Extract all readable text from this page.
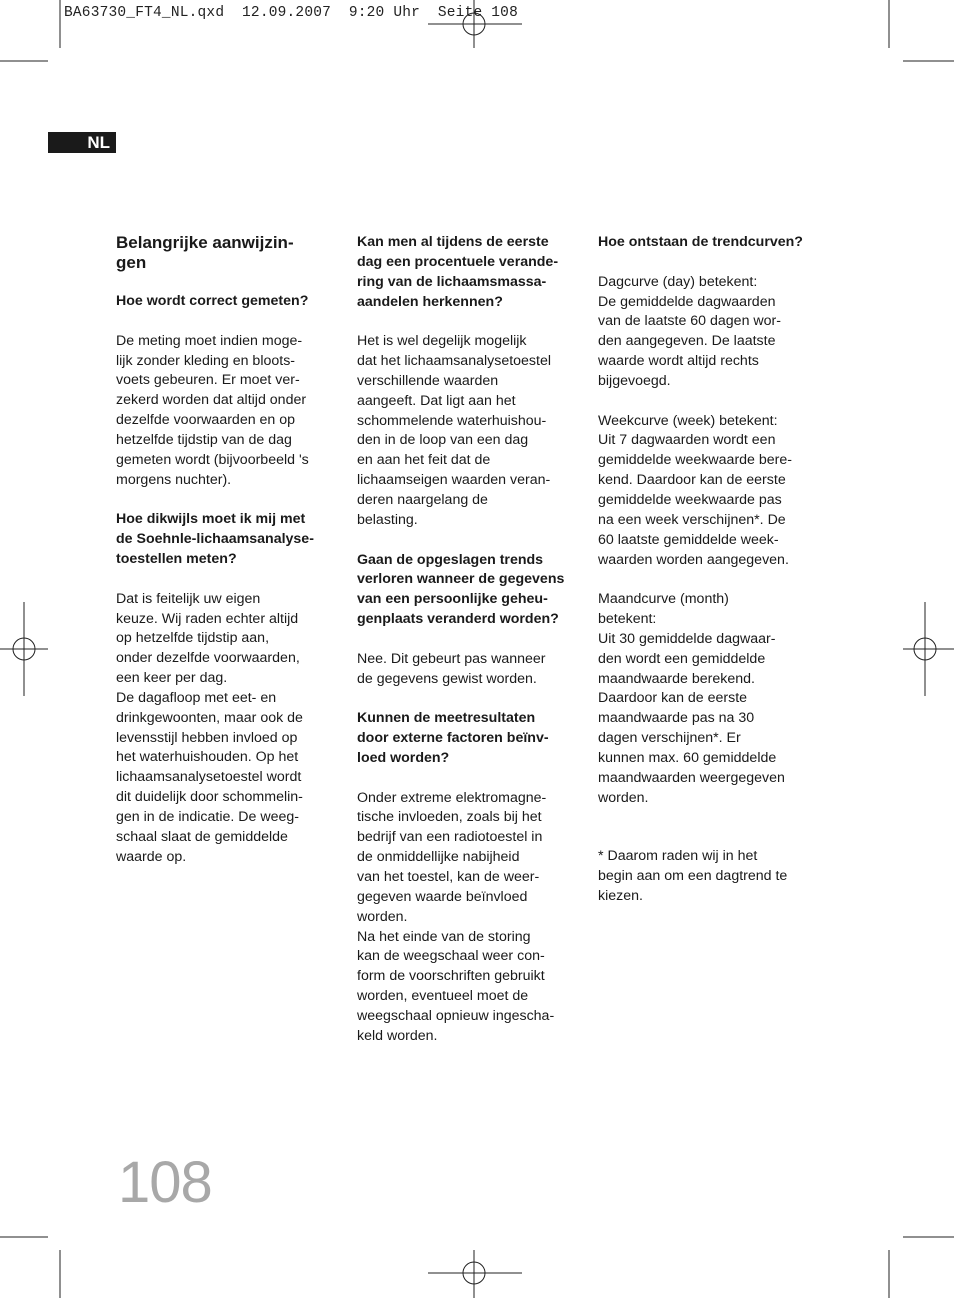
BA63730_FT4_NL.qxd  12.09.2007  9:20 Uhr  Seite 108
NL
Belangrijke aanwijzin-
gen

Hoe wordt correct gemeten?

De meting moet indien moge-
lijk zonder kleding en bloots-
voets gebeuren. Er moet ver-
zekerd worden dat altijd onder
dezelfde voorwaarden en op
hetzelfde tijdstip van de dag
gemeten wordt (bijvoorbeeld 's
morgens nuchter).

Hoe dikwijls moet ik mij met
de Soehnle-lichaamsanalyse-
toestellen meten?

Dat is feitelijk uw eigen
keuze. Wij raden echter altijd
op hetzelfde tijdstip aan,
onder dezelfde voorwaarden,
een keer per dag.
De dagafloop met eet- en
drinkgewoonten, maar ook de
levensstijl hebben invloed op
het waterhuishouden. Op het
lichaamsanalysetoestel wordt
dit duidelijk door schommelin-
gen in de indicatie. De weeg-
schaal slaat de gemiddelde
waarde op.

Kan men al tijdens de eerste
dag een procentuele verande-
ring van de lichaamsmassa-
aandelen herkennen?

Het is wel degelijk mogelijk
dat het lichaamsanalysetoestel
verschillende waarden
aangeeft. Dat ligt aan het
schommelende waterhuishou-
den in de loop van een dag
en aan het feit dat de
lichaamseigen waarden veran-
deren naargelang de
belasting.

Gaan de opgeslagen trends
verloren wanneer de gegevens
van een persoonlijke geheu-
genplaats veranderd worden?

Nee. Dit gebeurt pas wanneer
de gegevens gewist worden.

Kunnen de meetresultaten
door externe factoren beïnv-
loed worden?

Onder extreme elektromagne-
tische invloeden, zoals bij het
bedrijf van een radiotoestel in
de onmiddellijke nabijheid
van het toestel, kan de weer-
gegeven waarde beïnvloed
worden.
Na het einde van de storing
kan de weegschaal weer con-
form de voorschriften gebruikt
worden, eventueel moet de
weegschaal opnieuw ingescha-
keld worden.

Hoe ontstaan de trendcurven?

Dagcurve (day) betekent:
De gemiddelde dagwaarden
van de laatste 60 dagen wor-
den aangegeven. De laatste
waarde wordt altijd rechts
bijgevoegd.

Weekcurve (week) betekent:
Uit 7 dagwaarden wordt een
gemiddelde weekwaarde bere-
kend. Daardoor kan de eerste
gemiddelde weekwaarde pas
na een week verschijnen*. De
60 laatste gemiddelde week-
waarden worden aangegeven.

Maandcurve (month)
betekent:
Uit 30 gemiddelde dagwaar-
den wordt een gemiddelde
maandwaarde berekend.
Daardoor kan de eerste
maandwaarde pas na 30
dagen verschijnen*. Er
kunnen max. 60 gemiddelde
maandwaarden weergegeven
worden.

* Daarom raden wij in het
begin aan om een dagtrend te
kiezen.

108
